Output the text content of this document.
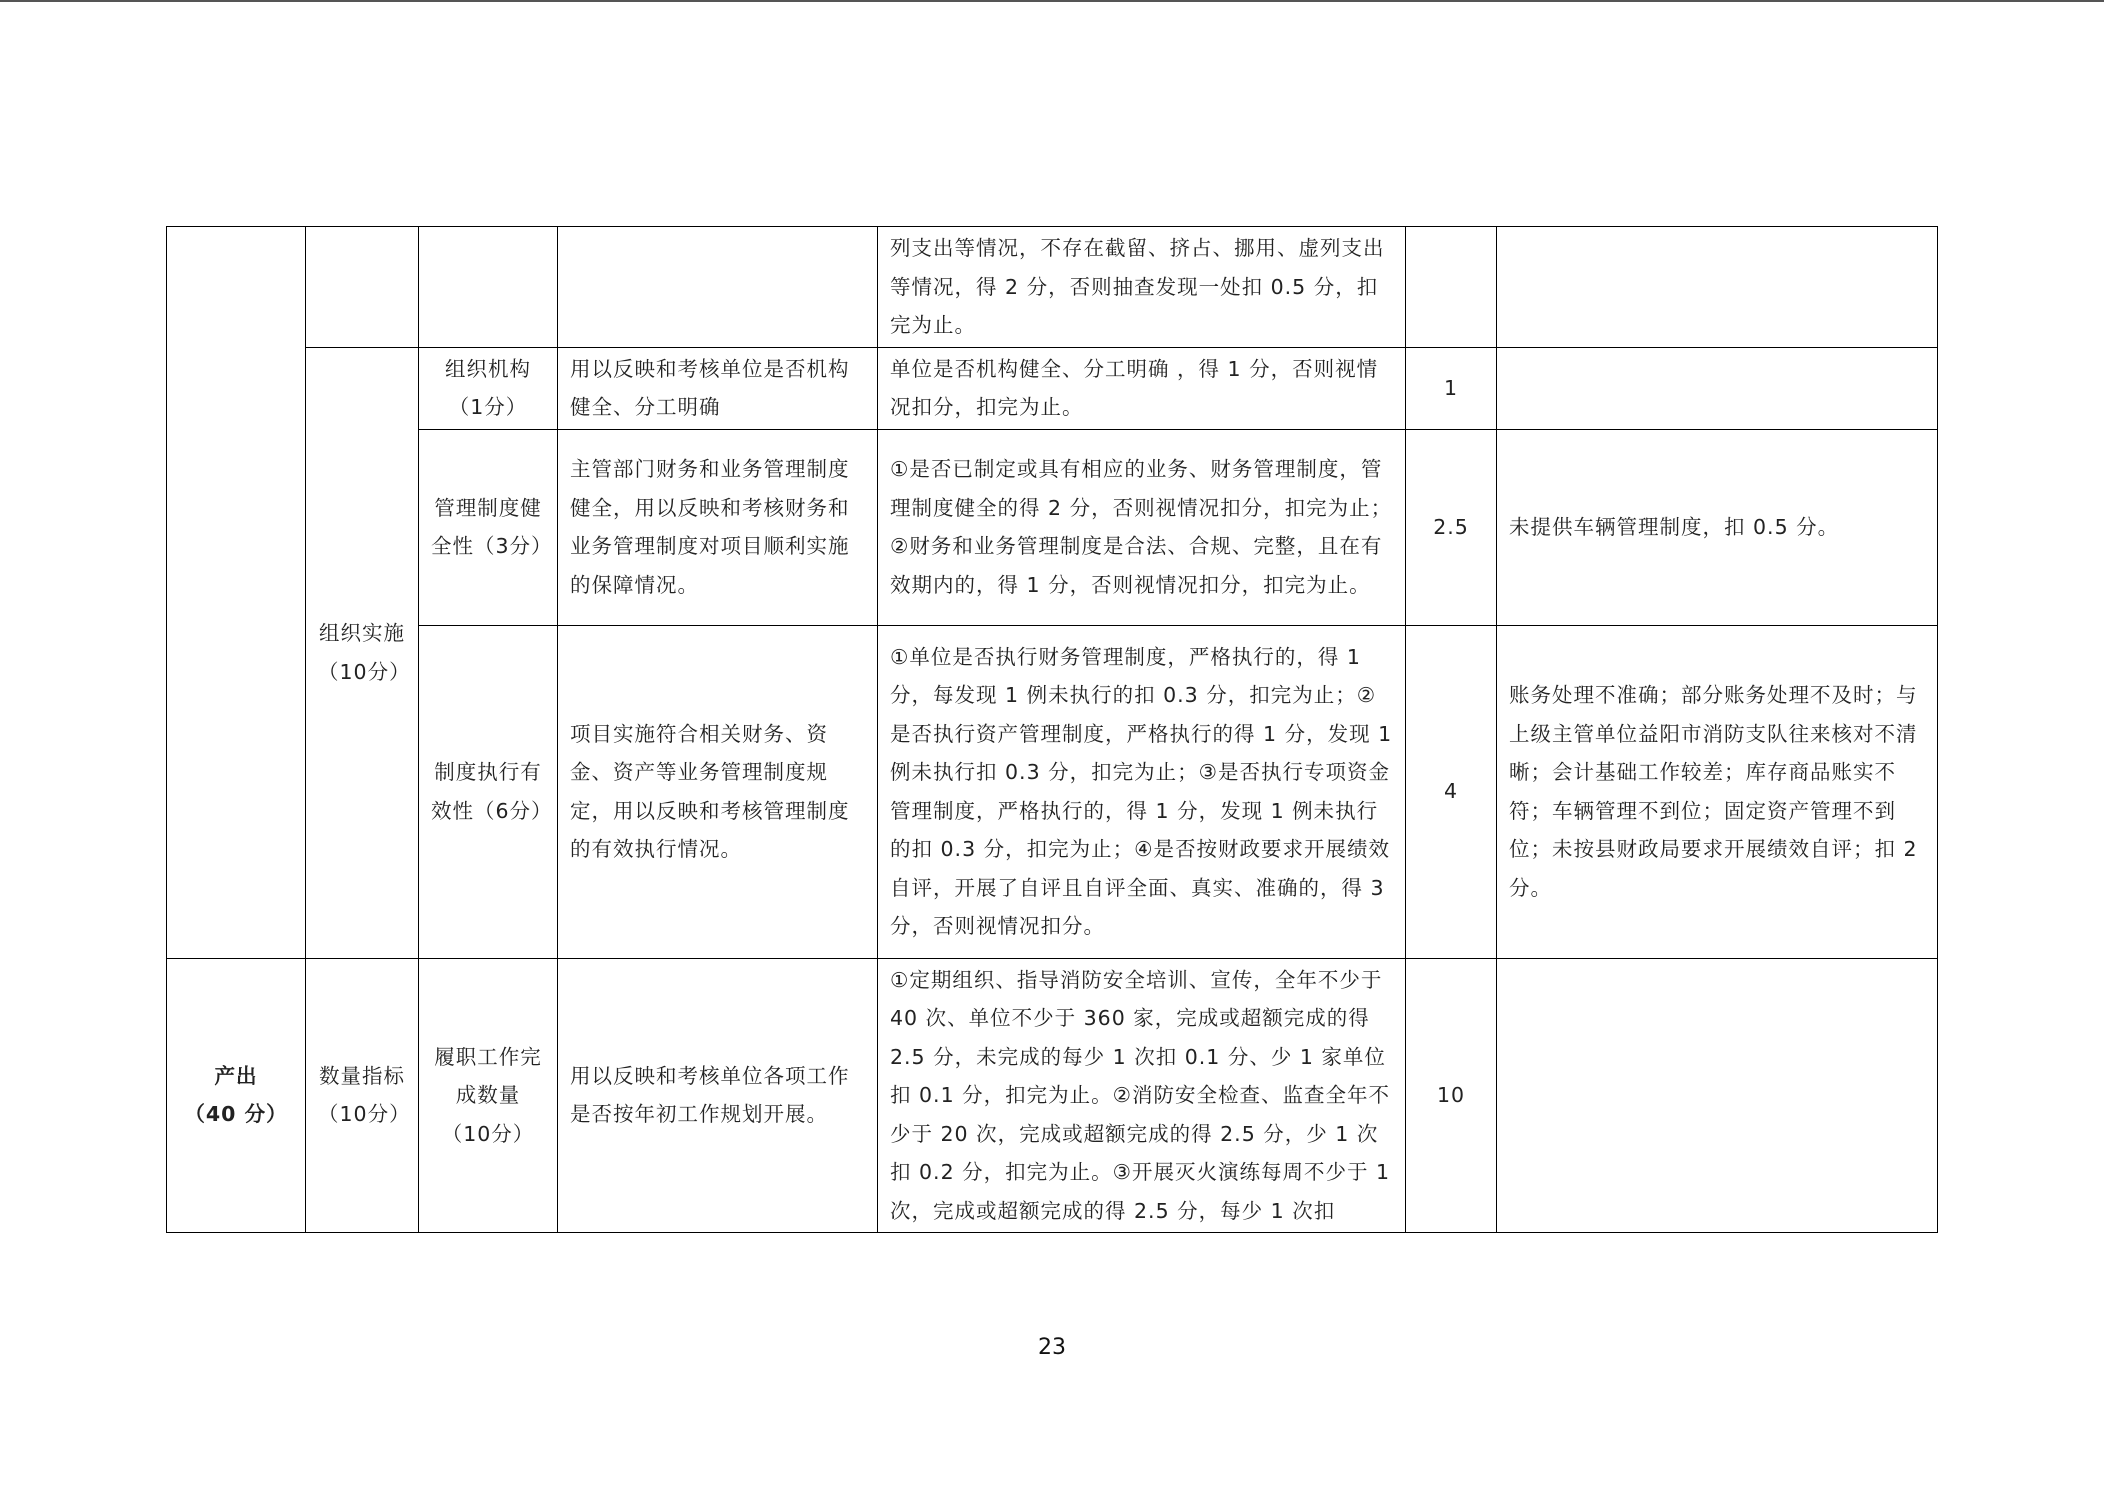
				列支出等情况，不存在截留、挤占、挪用、虚列支出等情况，得 2 分，否则抽查发现一处扣 0.5 分，扣完为止。		

	组织实施（10分）	组织机构（1分）	用以反映和考核单位是否机构健全、分工明确	单位是否机构健全、分工明确 ，得 1 分，否则视情况扣分，扣完为止。	1	

		管理制度健全性（3分）	主管部门财务和业务管理制度健全，用以反映和考核财务和业务管理制度对项目顺利实施的保障情况。	①是否已制定或具有相应的业务、财务管理制度，管理制度健全的得 2 分，否则视情况扣分，扣完为止；②财务和业务管理制度是合法、合规、完整，且在有效期内的，得 1 分，否则视情况扣分，扣完为止。	2.5	未提供车辆管理制度，扣 0.5 分。

		制度执行有效性（6分）	项目实施符合相关财务、资金、资产等业务管理制度规定，用以反映和考核管理制度的有效执行情况。	①单位是否执行财务管理制度，严格执行的，得 1 分，每发现 1 例未执行的扣 0.3 分，扣完为止；②是否执行资产管理制度，严格执行的得 1 分，发现 1 例未执行扣 0.3 分，扣完为止；③是否执行专项资金管理制度，严格执行的，得 1 分，发现 1 例未执行的扣 0.3 分，扣完为止；④是否按财政要求开展绩效自评，开展了自评且自评全面、真实、准确的，得 3 分，否则视情况扣分。	4	账务处理不准确；部分账务处理不及时；与上级主管单位益阳市消防支队往来核对不清晰；会计基础工作较差；库存商品账实不符；车辆管理不到位；固定资产管理不到位；未按县财政局要求开展绩效自评；扣 2 分。

产出
（40 分）	数量指标（10分）	履职工作完成数量（10分）	用以反映和考核单位各项工作是否按年初工作规划开展。	①定期组织、指导消防安全培训、宣传，全年不少于 40 次、单位不少于 360 家，完成或超额完成的得 2.5 分，未完成的每少 1 次扣 0.1 分、少 1 家单位扣 0.1 分，扣完为止。②消防安全检查、监查全年不少于 20 次，完成或超额完成的得 2.5 分，少 1 次扣 0.2 分，扣完为止。③开展灭火演练每周不少于 1 次，完成或超额完成的得 2.5 分，每少 1 次扣	10	
23
